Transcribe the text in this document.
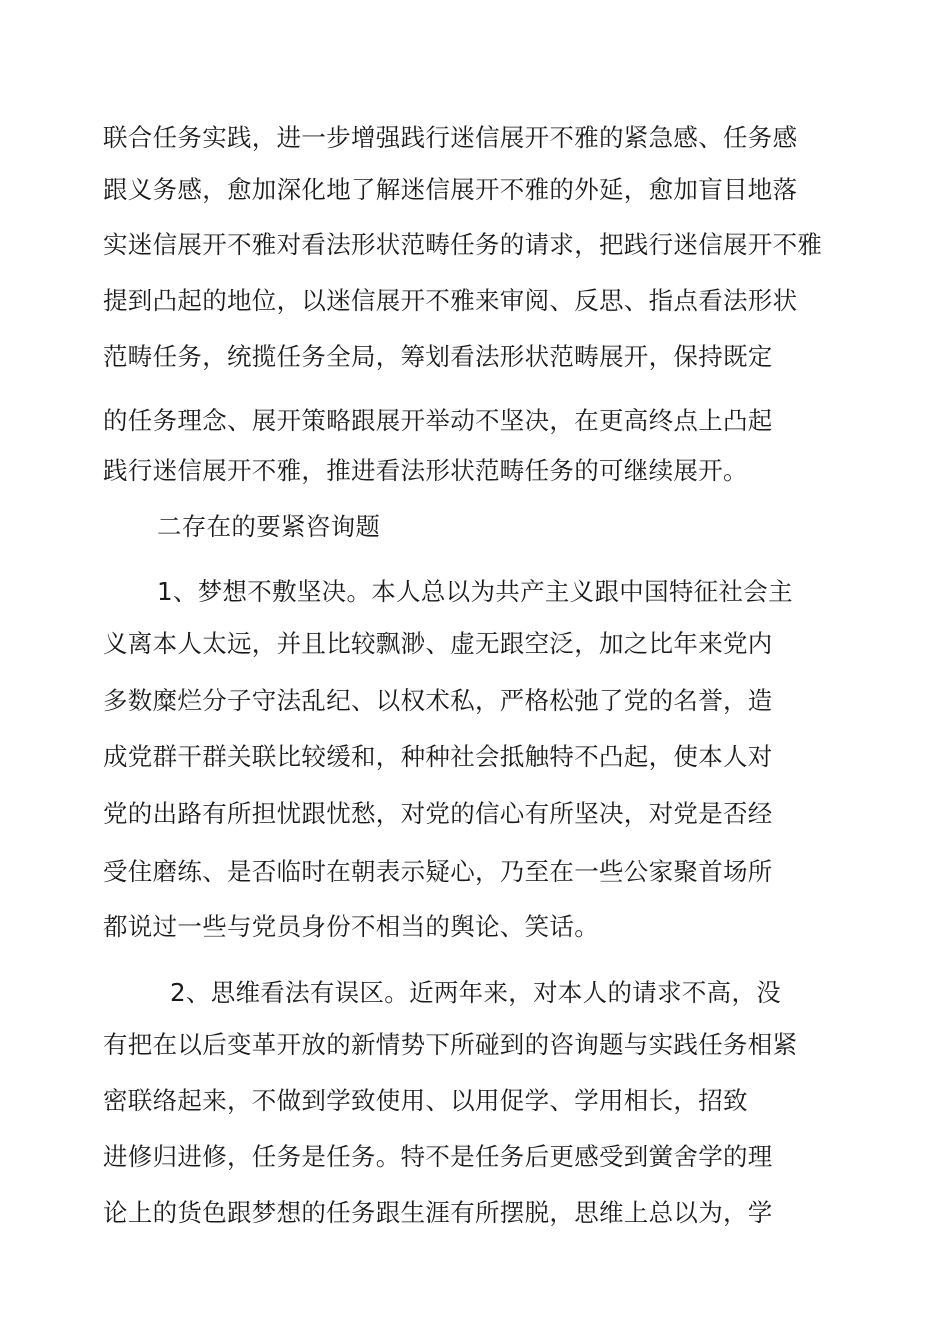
联合任务实践，进一步增强践行迷信展开不雅的紧急感、任务感
跟义务感，愈加深化地了解迷信展开不雅的外延，愈加盲目地落
实迷信展开不雅对看法形状范畴任务的请求，把践行迷信展开不雅
提到凸起的地位，以迷信展开不雅来审阅、反思、指点看法形状
范畴任务，统揽任务全局，筹划看法形状范畴展开，保持既定
的任务理念、展开策略跟展开举动不坚决，在更高终点上凸起
践行迷信展开不雅，推进看法形状范畴任务的可继续展开。
二存在的要紧咨询题
1、梦想不敷坚决。本人总以为共产主义跟中国特征社会主
义离本人太远，并且比较飘渺、虚无跟空泛，加之比年来党内
多数糜烂分子守法乱纪、以权术私，严格松弛了党的名誉，造
成党群干群关联比较缓和，种种社会抵触特不凸起，使本人对
党的出路有所担忧跟忧愁，对党的信心有所坚决，对党是否经
受住磨练、是否临时在朝表示疑心，乃至在一些公家聚首场所
都说过一些与党员身份不相当的舆论、笑话。
2、思维看法有误区。近两年来，对本人的请求不高，没
有把在以后变革开放的新情势下所碰到的咨询题与实践任务相紧
密联络起来，不做到学致使用、以用促学、学用相长，招致
进修归进修，任务是任务。特不是任务后更感受到黉舍学的理
论上的货色跟梦想的任务跟生涯有所摆脱，思维上总以为，学
